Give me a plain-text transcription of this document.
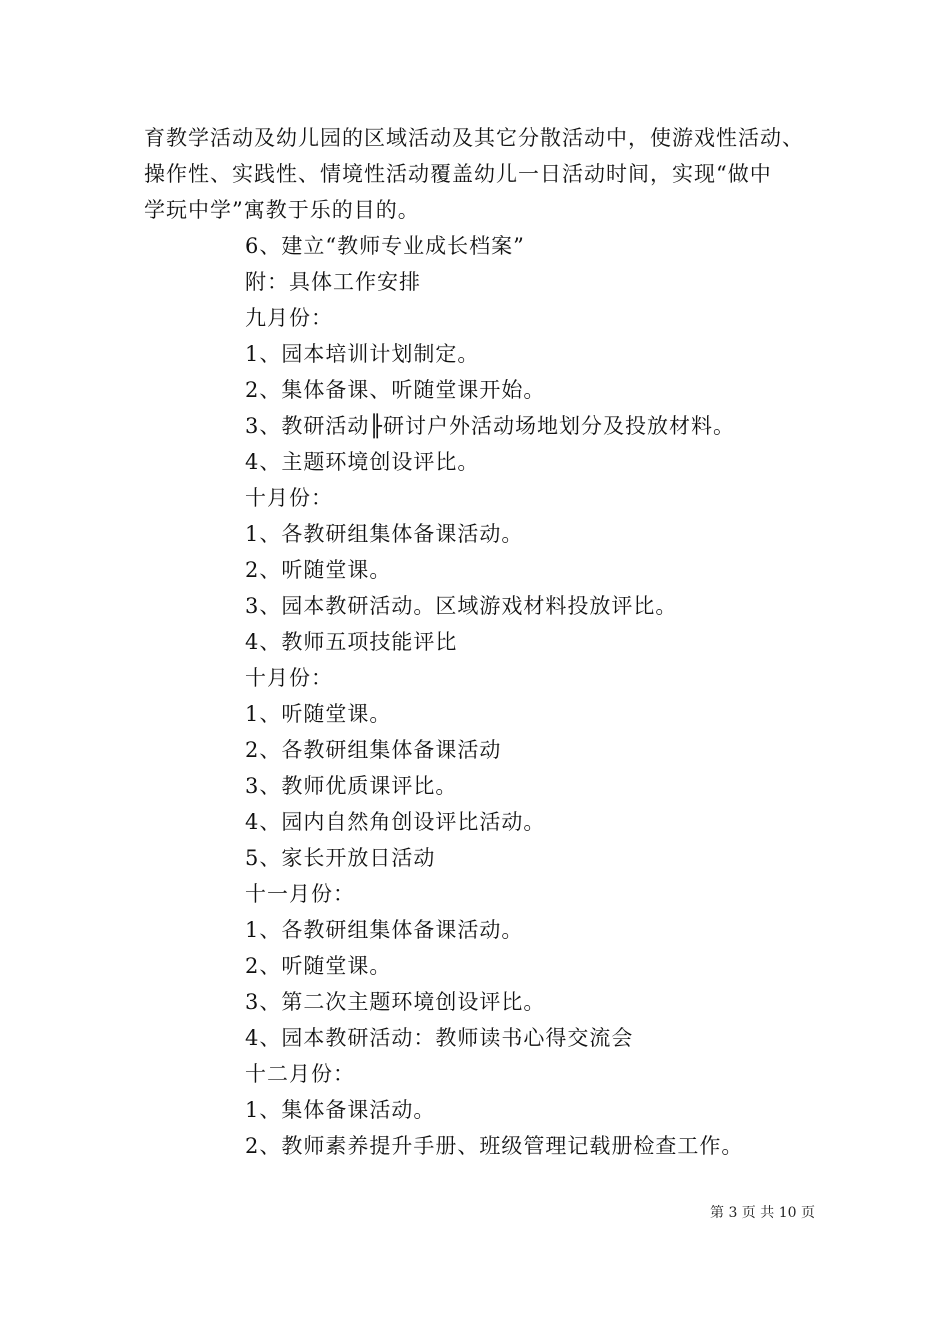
育教学活动及幼儿园的区域活动及其它分散活动中，使游戏性活动、
操作性、实践性、情境性活动覆盖幼儿一日活动时间，实现“做中
学玩中学”寓教于乐的目的。
6、建立“教师专业成长档案”
附：具体工作安排
九月份：
1、园本培训计划制定。
2、集体备课、听随堂课开始。
3、教研活动╟研讨户外活动场地划分及投放材料。
4、主题环境创设评比。
十月份：
1、各教研组集体备课活动。
2、听随堂课。
3、园本教研活动。区域游戏材料投放评比。
4、教师五项技能评比
十月份：
1、听随堂课。
2、各教研组集体备课活动
3、教师优质课评比。
4、园内自然角创设评比活动。
5、家长开放日活动
十一月份：
1、各教研组集体备课活动。
2、听随堂课。
3、第二次主题环境创设评比。
4、园本教研活动：教师读书心得交流会
十二月份：
1、集体备课活动。
2、教师素养提升手册、班级管理记载册检查工作。
第 3 页 共 10 页
